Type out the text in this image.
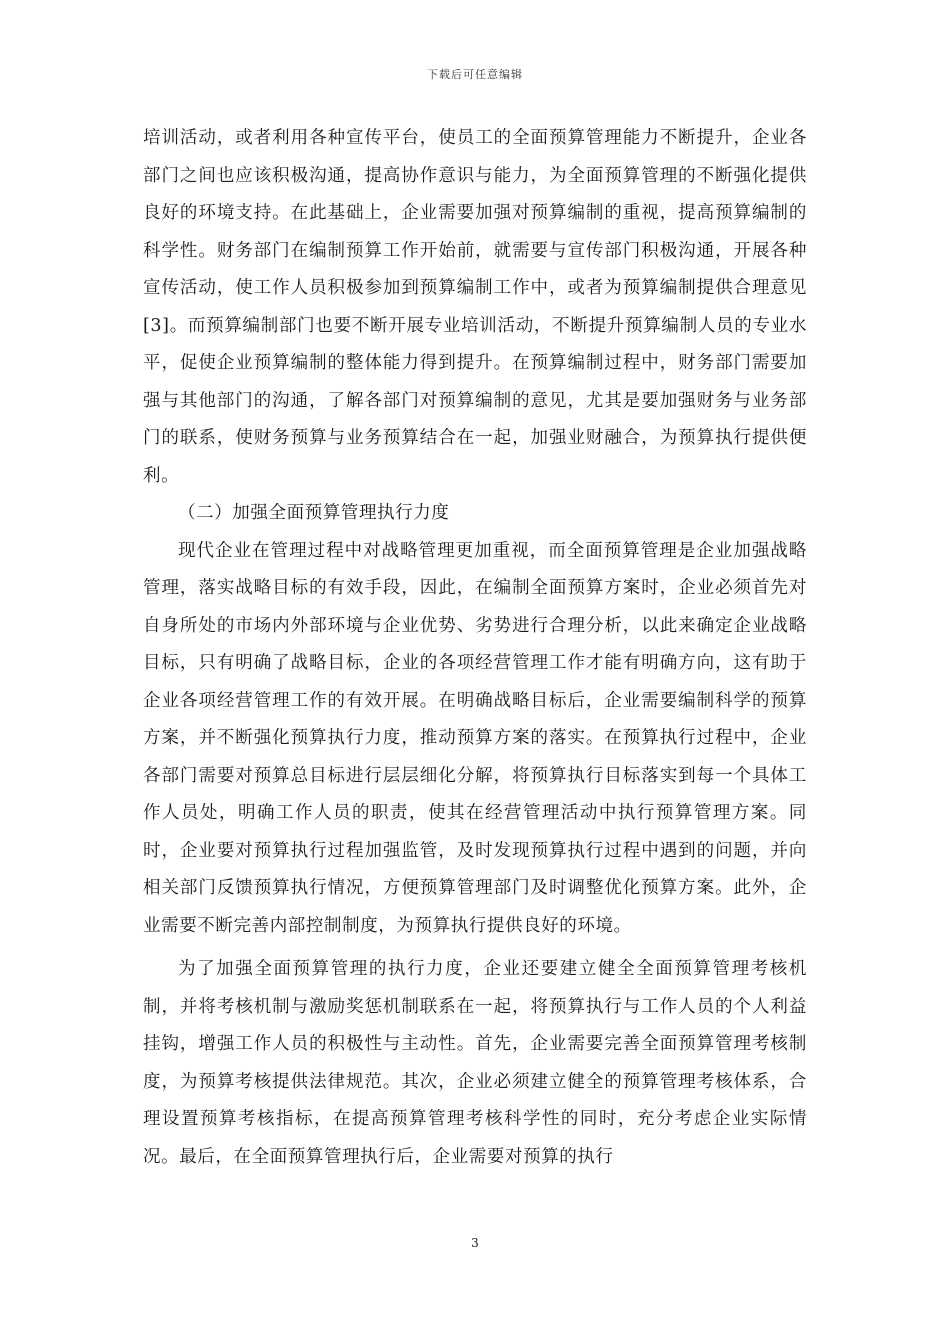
下载后可任意编辑

培训活动，或者利用各种宣传平台，使员工的全面预算管理能力不断提升，企业各部门之间也应该积极沟通，提高协作意识与能力，为全面预算管理的不断强化提供良好的环境支持。在此基础上，企业需要加强对预算编制的重视，提高预算编制的科学性。财务部门在编制预算工作开始前，就需要与宣传部门积极沟通，开展各种宣传活动，使工作人员积极参加到预算编制工作中，或者为预算编制提供合理意见[3]。而预算编制部门也要不断开展专业培训活动，不断提升预算编制人员的专业水平，促使企业预算编制的整体能力得到提升。在预算编制过程中，财务部门需要加强与其他部门的沟通，了解各部门对预算编制的意见，尤其是要加强财务与业务部门的联系，使财务预算与业务预算结合在一起，加强业财融合，为预算执行提供便利。

（二）加强全面预算管理执行力度

现代企业在管理过程中对战略管理更加重视，而全面预算管理是企业加强战略管理，落实战略目标的有效手段，因此，在编制全面预算方案时，企业必须首先对自身所处的市场内外部环境与企业优势、劣势进行合理分析，以此来确定企业战略目标，只有明确了战略目标，企业的各项经营管理工作才能有明确方向，这有助于企业各项经营管理工作的有效开展。在明确战略目标后，企业需要编制科学的预算方案，并不断强化预算执行力度，推动预算方案的落实。在预算执行过程中，企业各部门需要对预算总目标进行层层细化分解，将预算执行目标落实到每一个具体工作人员处，明确工作人员的职责，使其在经营管理活动中执行预算管理方案。同时，企业要对预算执行过程加强监管，及时发现预算执行过程中遇到的问题，并向相关部门反馈预算执行情况，方便预算管理部门及时调整优化预算方案。此外，企业需要不断完善内部控制制度，为预算执行提供良好的环境。

为了加强全面预算管理的执行力度，企业还要建立健全全面预算管理考核机制，并将考核机制与激励奖惩机制联系在一起，将预算执行与工作人员的个人利益挂钩，增强工作人员的积极性与主动性。首先，企业需要完善全面预算管理考核制度，为预算考核提供法律规范。其次，企业必须建立健全的预算管理考核体系，合理设置预算考核指标，在提高预算管理考核科学性的同时，充分考虑企业实际情况。最后，在全面预算管理执行后，企业需要对预算的执行

3
